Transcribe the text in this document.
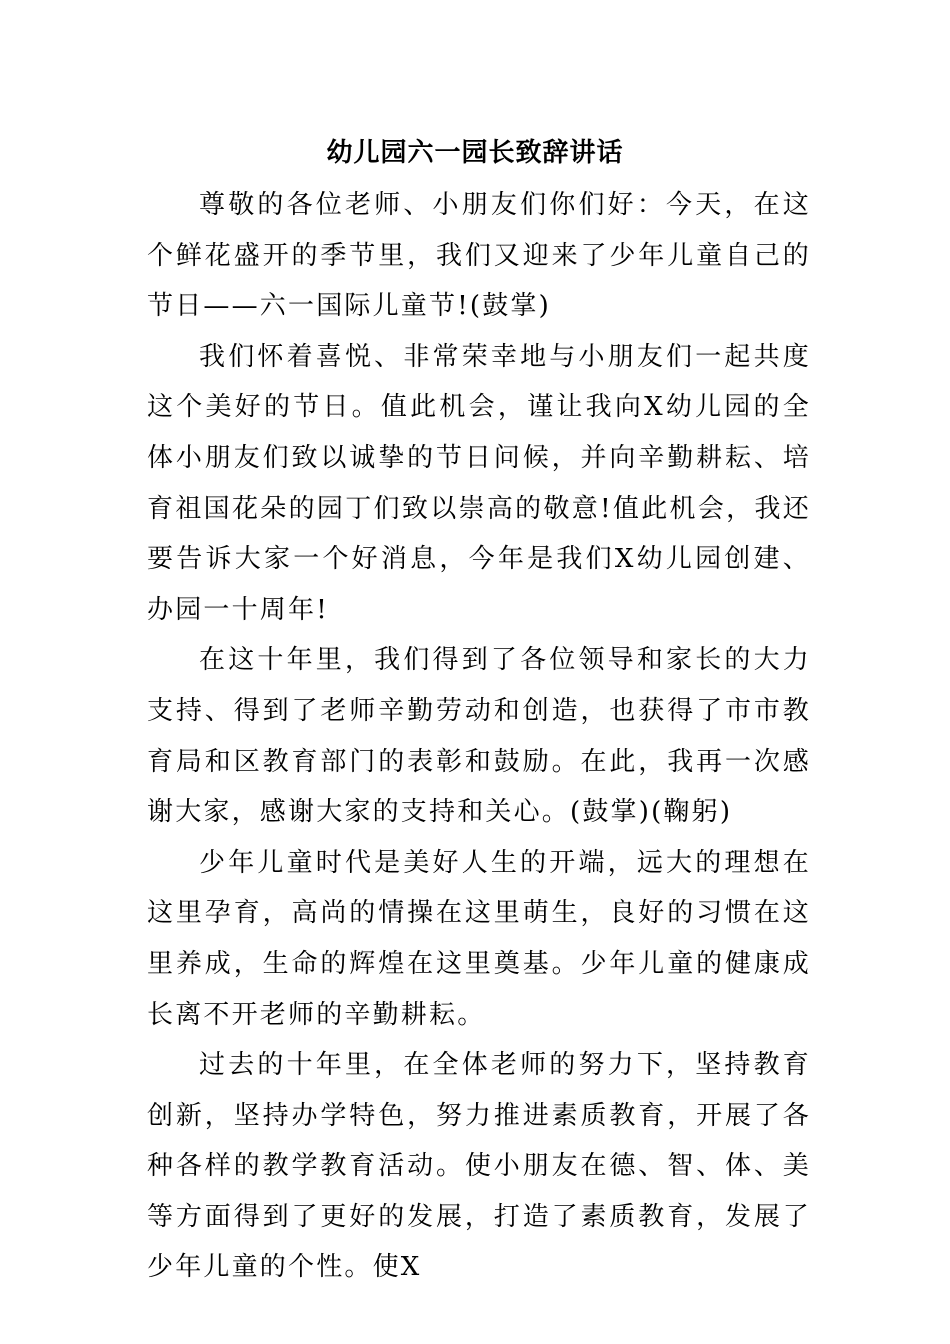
幼儿园六一园长致辞讲话

尊敬的各位老师、小朋友们你们好：今天，在这个鲜花盛开的季节里，我们又迎来了少年儿童自己的节日——六一国际儿童节!(鼓掌)

我们怀着喜悦、非常荣幸地与小朋友们一起共度这个美好的节日。值此机会，谨让我向X幼儿园的全体小朋友们致以诚挚的节日问候，并向辛勤耕耘、培育祖国花朵的园丁们致以崇高的敬意!值此机会，我还要告诉大家一个好消息，今年是我们X幼儿园创建、办园一十周年!

在这十年里，我们得到了各位领导和家长的大力支持、得到了老师辛勤劳动和创造，也获得了市市教育局和区教育部门的表彰和鼓励。在此，我再一次感谢大家，感谢大家的支持和关心。(鼓掌)(鞠躬)

少年儿童时代是美好人生的开端，远大的理想在这里孕育，高尚的情操在这里萌生，良好的习惯在这里养成，生命的辉煌在这里奠基。少年儿童的健康成长离不开老师的辛勤耕耘。

过去的十年里，在全体老师的努力下，坚持教育创新，坚持办学特色，努力推进素质教育，开展了各种各样的教学教育活动。使小朋友在德、智、体、美等方面得到了更好的发展，打造了素质教育，发展了少年儿童的个性。使X
